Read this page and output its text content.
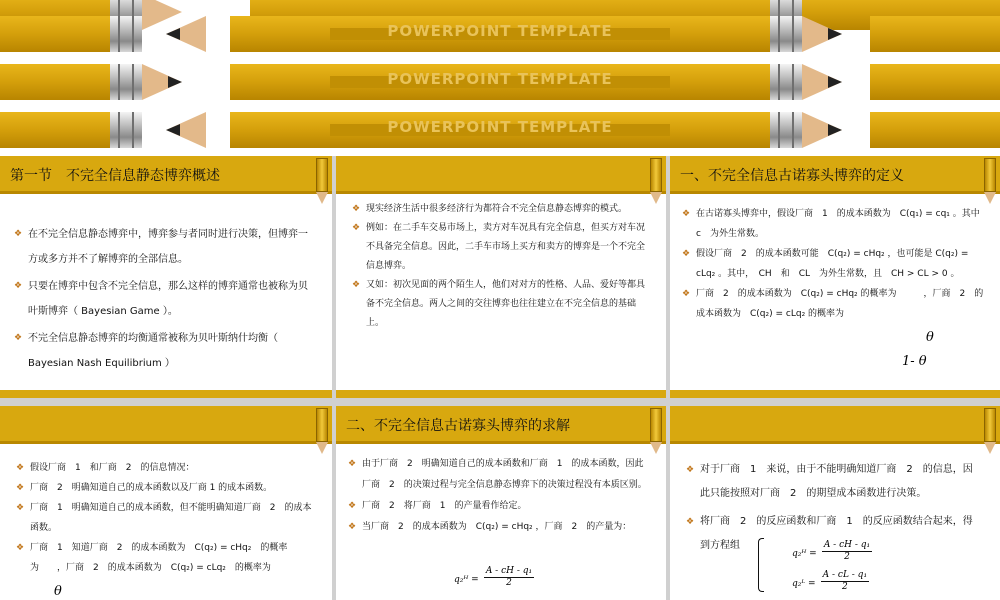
POWERPOINT TEMPLATE
POWERPOINT TEMPLATE
POWERPOINT TEMPLATE
第一节　不完全信息静态博弈概述
❖ 在不完全信息静态博弈中，博弈参与者同时进行决策，但博弈一方或多方并不了解博弈的全部信息。
❖ 只要在博弈中包含不完全信息，那么这样的博弈通常也被称为贝叶斯博弈（ Bayesian Game ）。
❖ 不完全信息静态博弈的均衡通常被称为贝叶斯纳什均衡（ Bayesian Nash Equilibrium ）
❖ 现实经济生活中很多经济行为都符合不完全信息静态博弈的模式。
❖ 例如：在二手车交易市场上，卖方对车况具有完全信息，但买方对车况不具备完全信息。因此，二手车市场上买方和卖方的博弈是一个不完全信息博弈。
❖ 又如：初次见面的两个陌生人，他们对对方的性格、人品、爱好等都具备不完全信息。两人之间的交往博弈也往往建立在不完全信息的基础上。
一、不完全信息古诺寡头博弈的定义
❖ 在古诺寡头博弈中，假设厂商　1　的成本函数为　C(q₁) = cq₁ 。其中　c　为外生常数。
❖ 假设厂商　2　的成本函数可能　C(q₂) = cHq₂ ，也可能是 C(q₂) = cLq₂ 。其中，　CH　和　CL　为外生常数，且　CH > CL > 0 。
❖ 厂商　2　的成本函数为　C(q₂) = cHq₂ 的概率为　　　，厂商　2　的成本函数为　C(q₂) = cLq₂ 的概率为
θ
1- θ
❖ 假设厂商　1　和厂商　2　的信息情况：
❖ 厂商　2　明确知道自己的成本函数以及厂商 1 的成本函数。
❖ 厂商　1　明确知道自己的成本函数，但不能明确知道厂商　2　的成本函数。
❖ 厂商　1　知道厂商　2　的成本函数为　C(q₂) = cHq₂　的概率为　　，厂商　2　的成本函数为　C(q₂) = cLq₂　的概率为
θ
二、不完全信息古诺寡头博弈的求解
❖ 由于厂商　2　明确知道自己的成本函数和厂商　1　的成本函数，因此厂商　2　的决策过程与完全信息静态博弈下的决策过程没有本质区别。
❖ 厂商　2　将厂商　1　的产量看作给定。
❖ 当厂商　2　的成本函数为　C(q₂) = cHq₂ ，厂商　2　的产量为：
q₂ᴴ = $\frac{\text{A - cH - q₁}}{2}$
❖ 对于厂商　1　来说，由于不能明确知道厂商　2　的信息，因此只能按照对厂商　2　的期望成本函数进行决策。
❖ 将厂商　2　的反应函数和厂商　1　的反应函数结合起来，得到方程组
q₂ᴴ = $\frac{\text{A - cH - q₁}}{2}$
q₂ᴸ = $\frac{\text{A - cL - q₁}}{2}$
